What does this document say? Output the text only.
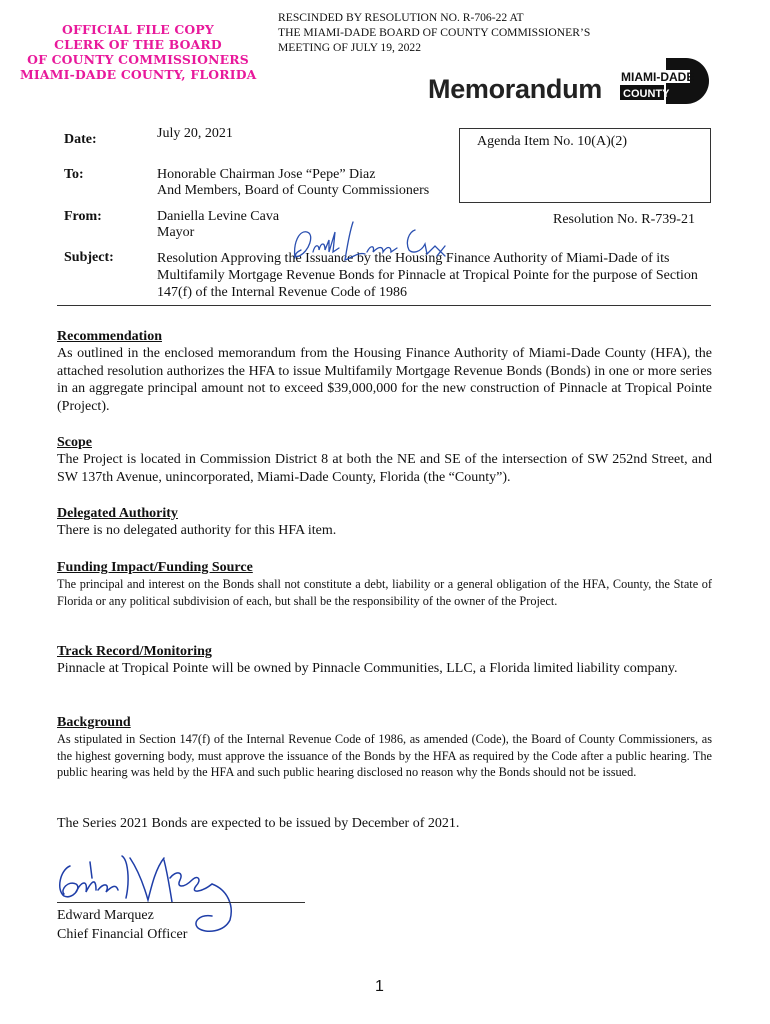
OFFICIAL FILE COPY
CLERK OF THE BOARD
OF COUNTY COMMISSIONERS
MIAMI-DADE COUNTY, FLORIDA
RESCINDED BY RESOLUTION NO. R-706-22 AT
THE MIAMI-DADE BOARD OF COUNTY COMMISSIONER’S
MEETING OF JULY 19, 2022
Memorandum MIAMI-DADE
COUNTY
Date:	July 20, 2021
Agenda Item No. 10(A)(2)
To:	Honorable Chairman Jose “Pepe” Diaz
And Members, Board of County Commissioners
From:	Daniella Levine Cava
Mayor
Resolution No. R-739-21
Subject:	Resolution Approving the Issuance by the Housing Finance Authority of Miami-Dade of its Multifamily Mortgage Revenue Bonds for Pinnacle at Tropical Pointe for the purpose of Section 147(f) of the Internal Revenue Code of 1986
Recommendation
As outlined in the enclosed memorandum from the Housing Finance Authority of Miami-Dade County (HFA), the attached resolution authorizes the HFA to issue Multifamily Mortgage Revenue Bonds (Bonds) in one or more series in an aggregate principal amount not to exceed $39,000,000 for the new construction of Pinnacle at Tropical Pointe (Project).
Scope
The Project is located in Commission District 8 at both the NE and SE of the intersection of SW 252nd Street, and SW 137th Avenue, unincorporated, Miami-Dade County, Florida (the “County”).
Delegated Authority
There is no delegated authority for this HFA item.
Funding Impact/Funding Source
The principal and interest on the Bonds shall not constitute a debt, liability or a general obligation of the HFA, County, the State of Florida or any political subdivision of each, but shall be the responsibility of the owner of the Project.
Track Record/Monitoring
Pinnacle at Tropical Pointe will be owned by Pinnacle Communities, LLC, a Florida limited liability company.
Background
As stipulated in Section 147(f) of the Internal Revenue Code of 1986, as amended (Code), the Board of County Commissioners, as the highest governing body, must approve the issuance of the Bonds by the HFA as required by the Code after a public hearing. The public hearing was held by the HFA and such public hearing disclosed no reason why the Bonds should not be issued.
The Series 2021 Bonds are expected to be issued by December of 2021.
Edward Marquez
Chief Financial Officer
1
